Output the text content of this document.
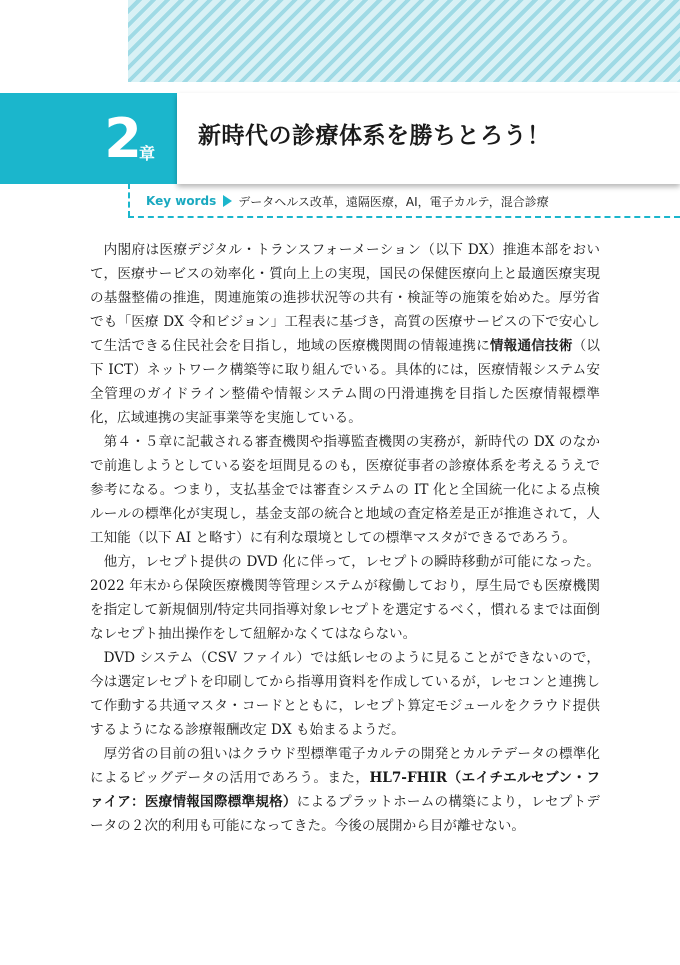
2
章
新時代の診療体系を勝ちとろう！
Key words データヘルス改革，遠隔医療，AI，電子カルテ，混合診療

内閣府は医療デジタル・トランスフォーメーション（以下 DX）推進本部をおいて，医療サービスの効率化・質向上上の実現，国民の保健医療向上と最適医療実現の基盤整備の推進，関連施策の進捗状況等の共有・検証等の施策を始めた。厚労省でも「医療 DX 令和ビジョン」工程表に基づき，高質の医療サービスの下で安心して生活できる住民社会を目指し，地域の医療機関間の情報連携に情報通信技術（以下 ICT）ネットワーク構築等に取り組んでいる。具体的には，医療情報システム安全管理のガイドライン整備や情報システム間の円滑連携を目指した医療情報標準化，広域連携の実証事業等を実施している。

第４・５章に記載される審査機関や指導監査機関の実務が，新時代の DX のなかで前進しようとしている姿を垣間見るのも，医療従事者の診療体系を考えるうえで参考になる。つまり，支払基金では審査システムの IT 化と全国統一化による点検ルールの標準化が実現し，基金支部の統合と地域の査定格差是正が推進されて，人工知能（以下 AI と略す）に有利な環境としての標準マスタができるであろう。

他方，レセプト提供の DVD 化に伴って，レセプトの瞬時移動が可能になった。2022 年末から保険医療機関等管理システムが稼働しており，厚生局でも医療機関を指定して新規個別/特定共同指導対象レセプトを選定するべく，慣れるまでは面倒なレセプト抽出操作をして紐解かなくてはならない。

DVD システム（CSV ファイル）では紙レセのように見ることができないので，今は選定レセプトを印刷してから指導用資料を作成しているが，レセコンと連携して作動する共通マスタ・コードとともに，レセプト算定モジュールをクラウド提供するようになる診療報酬改定 DX も始まるようだ。

厚労省の目前の狙いはクラウド型標準電子カルテの開発とカルテデータの標準化によるビッグデータの活用であろう。また，HL7-FHIR（エイチエルセブン・ファイア：医療情報国際標準規格）によるプラットホームの構築により，レセプトデータの２次的利用も可能になってきた。今後の展開から目が離せない。
